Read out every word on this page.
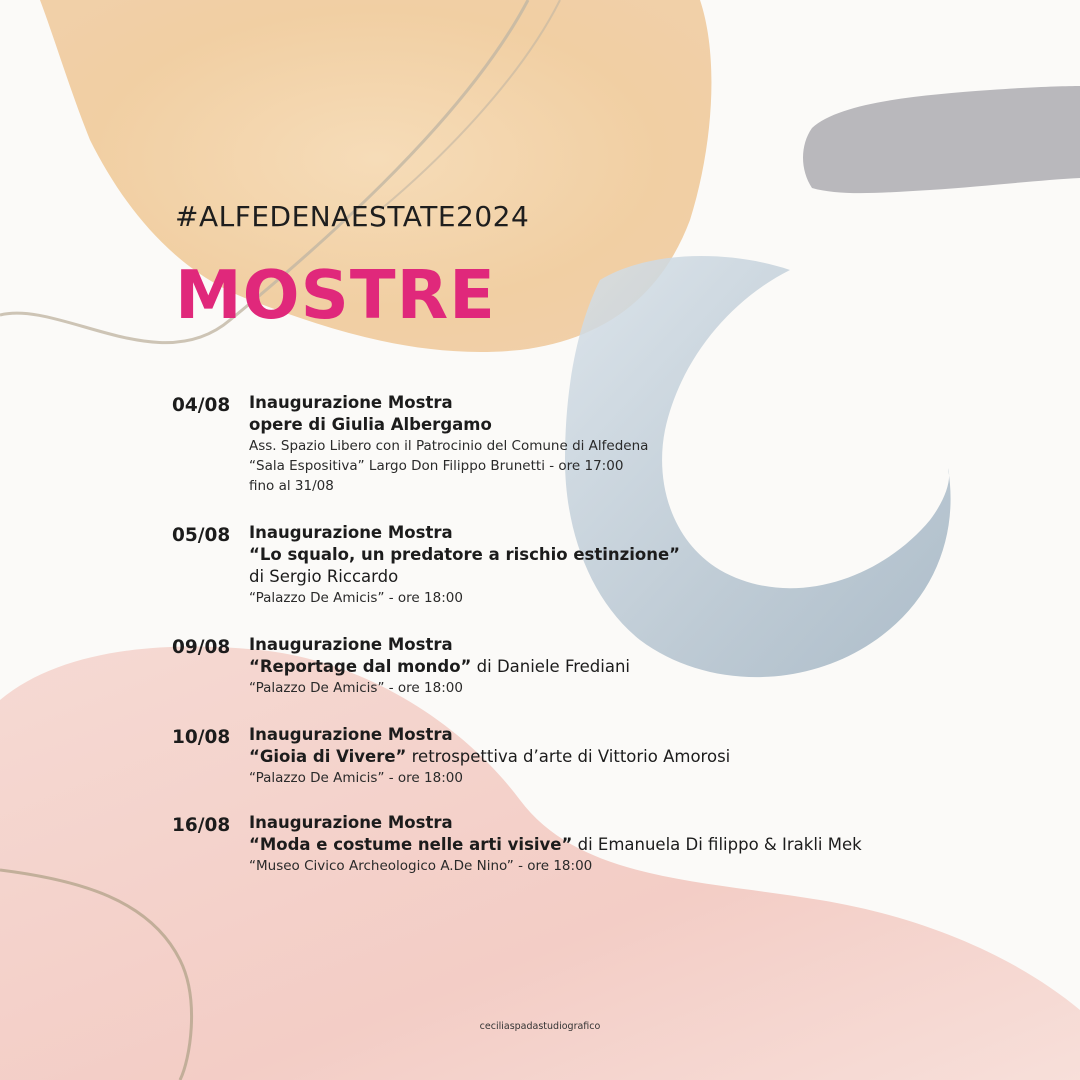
#ALFEDENAESTATE2024
MOSTRE
04/08 Inaugurazione Mostra
opere di Giulia Albergamo
Ass. Spazio Libero con il Patrocinio del Comune di Alfedena
“Sala Espositiva” Largo Don Filippo Brunetti - ore 17:00
fino al 31/08
05/08 Inaugurazione Mostra
“Lo squalo, un predatore a rischio estinzione”
di Sergio Riccardo
“Palazzo De Amicis” - ore 18:00
09/08 Inaugurazione Mostra
“Reportage dal mondo” di Daniele Frediani
“Palazzo De Amicis” - ore 18:00
10/08 Inaugurazione Mostra
“Gioia di Vivere” retrospettiva d’arte di Vittorio Amorosi
“Palazzo De Amicis” - ore 18:00
16/08 Inaugurazione Mostra
“Moda e costume nelle arti visive” di Emanuela Di filippo & Irakli Mek
“Museo Civico Archeologico A.De Nino” - ore 18:00
ceciliaspadastudiografico
